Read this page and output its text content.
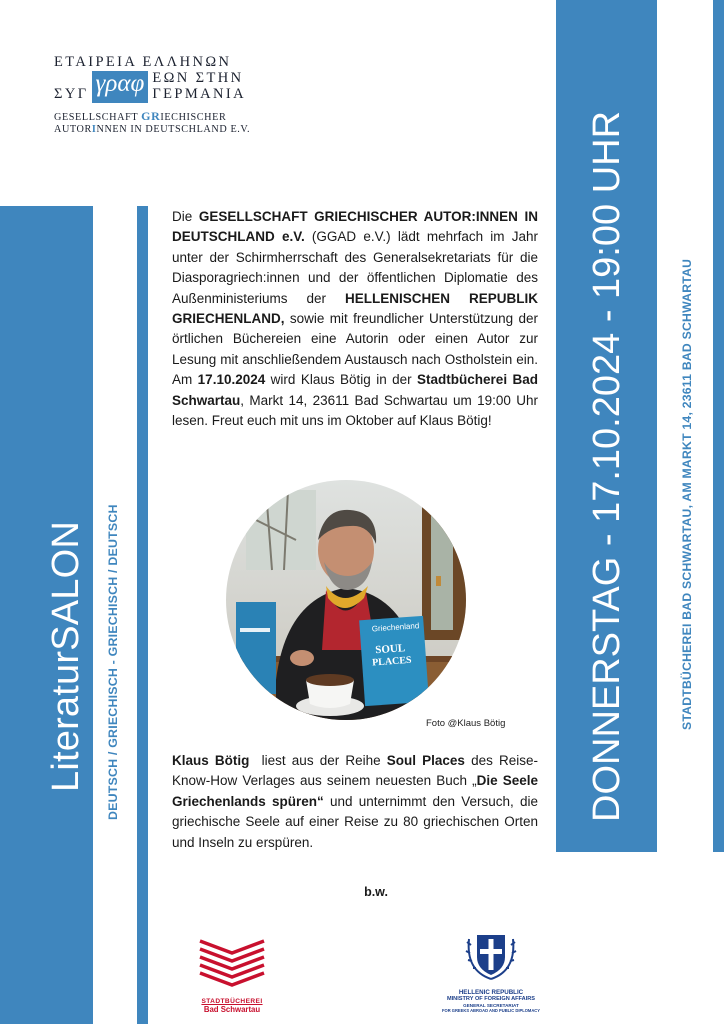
ΕΤΑΙΡΕΙΑ ΕΛΛΗΝΩΝ
ΣΥΓ γραφ ΕΩΝ ΣΤΗΝ
ΓΕΡΜΑΝΙΑ
GESELLSCHAFT GRIECHISCHER
AUTORINNEN IN DEUTSCHLAND E.V.
LiteraturSALON DEUTSCH / GRIECHISCH - GRIECHISCH / DEUTSCH	DONNERSTAG - 17.10.2024 - 19:00 UHR	STADTBÜCHEREI BAD SCHWARTAU, AM MARKT 14, 23611 BAD SCHWARTAU

Die GESELLSCHAFT GRIECHISCHER AUTOR:INNEN IN DEUTSCHLAND e.V. (GGAD e.V.) lädt mehrfach im Jahr unter der Schirmherrschaft des Generalsekretariats für die Diasporagriech:innen und der öffentlichen Diplomatie des Außenministeriums der HELLENISCHEN REPUBLIK GRIECHENLAND, sowie mit freundlicher Unterstützung der örtlichen Büchereien eine Autorin oder einen Autor zur Lesung mit anschließendem Austausch nach Ostholstein ein. Am 17.10.2024 wird Klaus Bötig in der Stadtbücherei Bad Schwartau, Markt 14, 23611 Bad Schwartau um 19:00 Uhr lesen. Freut euch mit uns im Oktober auf Klaus Bötig!

Griechenland
SOUL
PLACES
Foto @Klaus Bötig

Klaus Bötig  liest aus der Reihe Soul Places des Reise-Know-How Verlages aus seinem neuesten Buch „Die Seele Griechenlands spüren“ und unternimmt den Versuch, die griechische Seele auf einer Reise zu 80 griechischen Orten und Inseln zu erspüren.

b.w.
STADTBÜCHEREI
Bad Schwartau
HELLENIC REPUBLIC
MINISTRY OF FOREIGN AFFAIRS
GENERAL SECRETARIAT
FOR GREEKS ABROAD AND PUBLIC DIPLOMACY
